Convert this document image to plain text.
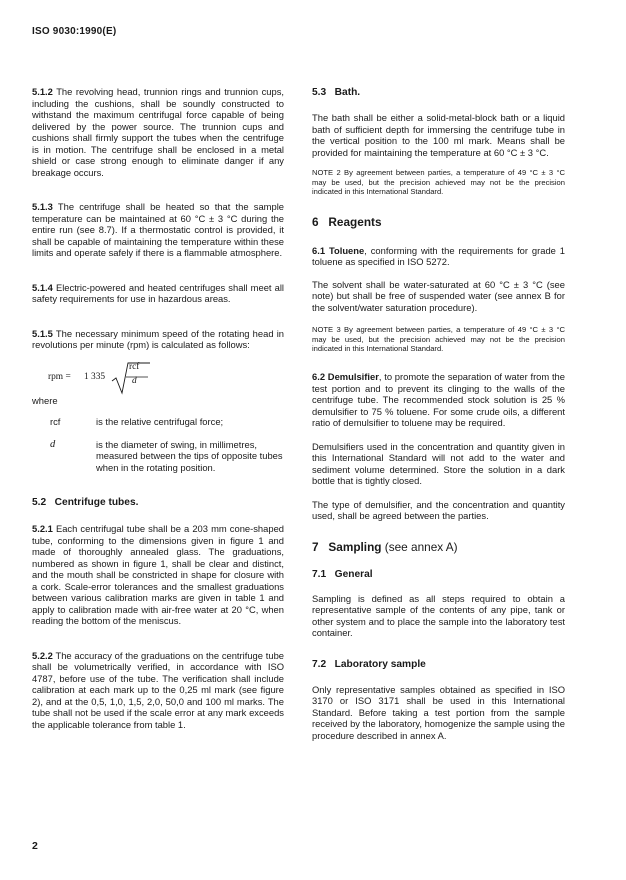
ISO 9030:1990(E)

5.1.2 The revolving head, trunnion rings and trunnion cups, including the cushions, shall be soundly constructed to withstand the maximum centrifugal force capable of being delivered by the power source. The trunnion cups and cushions shall firmly support the tubes when the centrifuge is in motion. The centrifuge shall be enclosed in a metal shield or case strong enough to eliminate danger if any breakage occurs.

5.1.3 The centrifuge shall be heated so that the sample temperature can be maintained at 60 °C ± 3 °C during the entire run (see 8.7). If a thermostatic control is provided, it shall be capable of maintaining the temperature within these limits and operate safely if there is a flammable atmosphere.

5.1.4 Electric-powered and heated centrifuges shall meet all safety requirements for use in hazardous areas.

5.1.5 The necessary minimum speed of the rotating head in revolutions per minute (rpm) is calculated as follows:

rpm = 1 335
rcf
d
where
rcf	is the relative centrifugal force;
d	is the diameter of swing, in millimetres, measured between the tips of opposite tubes when in the rotating position.
5.2 Centrifuge tubes.

5.2.1 Each centrifugal tube shall be a 203 mm cone-shaped tube, conforming to the dimensions given in figure 1 and made of thoroughly annealed glass. The graduations, numbered as shown in figure 1, shall be clear and distinct, and the mouth shall be constricted in shape for closure with a cork. Scale-error tolerances and the smallest graduations between various calibration marks are given in table 1 and apply to calibration made with air-free water at 20 °C, when reading the bottom of the meniscus.

5.2.2 The accuracy of the graduations on the centrifuge tube shall be volumetrically verified, in accordance with ISO 4787, before use of the tube. The verification shall include calibration at each mark up to the 0,25 ml mark (see figure 2), and at the 0,5, 1,0, 1,5, 2,0, 50,0 and 100 ml marks. The tube shall not be used if the scale error at any mark exceeds the applicable tolerance from table 1.

5.3 Bath.

The bath shall be either a solid-metal-block bath or a liquid bath of sufficient depth for immersing the centrifuge tube in the vertical position to the 100 ml mark. Means shall be provided for maintaining the temperature at 60 °C ± 3 °C.

NOTE 2 By agreement between parties, a temperature of 49 °C ± 3 °C may be used, but the precision achieved may not be the precision indicated in this International Standard.

6 Reagents

6.1 Toluene, conforming with the requirements for grade 1 toluene as specified in ISO 5272.

The solvent shall be water-saturated at 60 °C ± 3 °C (see note) but shall be free of suspended water (see annex B for the solvent/water saturation procedure).

NOTE 3 By agreement between parties, a temperature of 49 °C ± 3 °C may be used, but the precision achieved may not be the precision indicated in this International Standard.

6.2 Demulsifier, to promote the separation of water from the test portion and to prevent its clinging to the walls of the centrifuge tube. The recommended stock solution is 25 % demulsifier to 75 % toluene. For some crude oils, a different ratio of demulsifier to toluene may be required.

Demulsifiers used in the concentration and quantity given in this International Standard will not add to the water and sediment volume determined. Store the solution in a dark bottle that is tightly closed.

The type of demulsifier, and the concentration and quantity used, shall be agreed between the parties.

7 Sampling (see annex A)
7.1 General

Sampling is defined as all steps required to obtain a representative sample of the contents of any pipe, tank or other system and to place the sample into the laboratory test container.

7.2 Laboratory sample

Only representative samples obtained as specified in ISO 3170 or ISO 3171 shall be used in this International Standard. Before taking a test portion from the sample received by the laboratory, homogenize the sample using the procedure described in annex A.

2
